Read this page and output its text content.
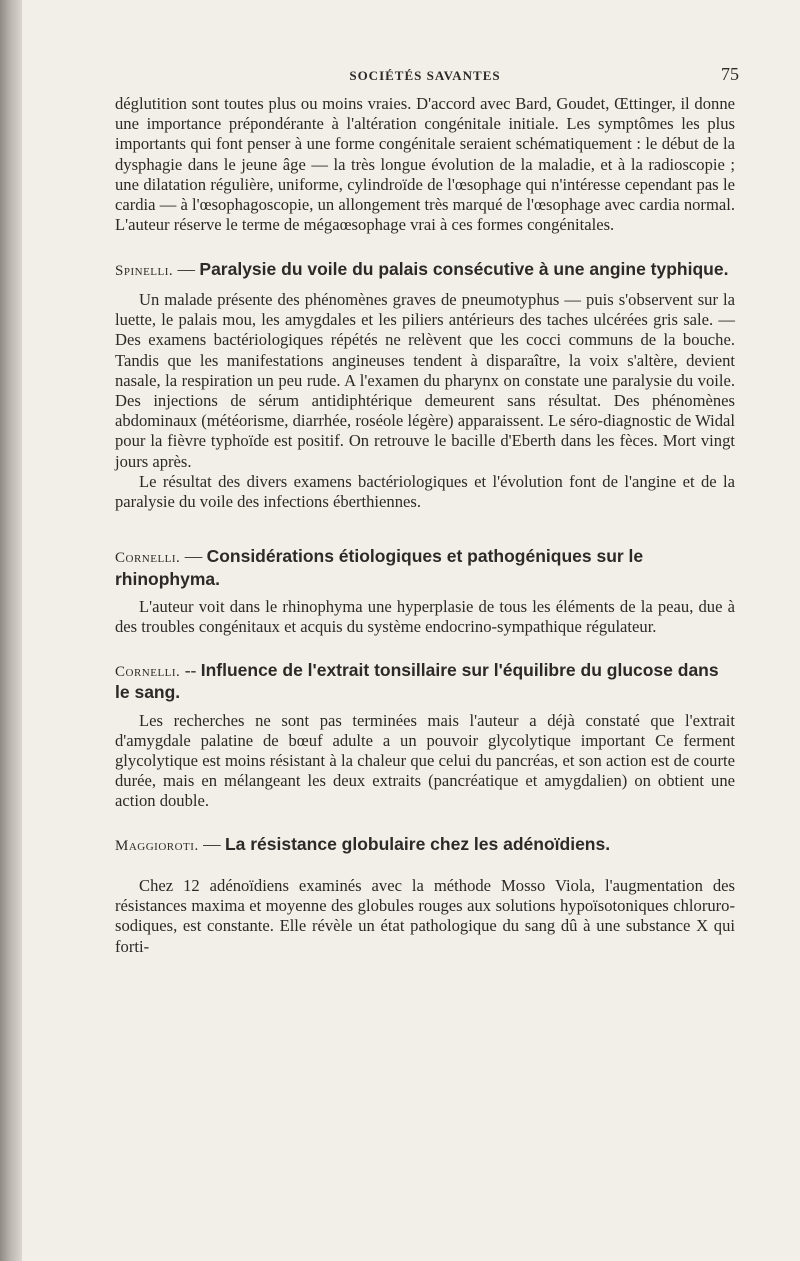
SOCIÉTÉS SAVANTES	75

déglutition sont toutes plus ou moins vraies. D'accord avec Bard, Goudet, Œttinger, il donne une importance prépondérante à l'altération congénitale initiale. Les symptômes les plus importants qui font penser à une forme congénitale seraient schématiquement : le début de la dysphagie dans le jeune âge — la très longue évolution de la maladie, et à la radioscopie ; une dilatation régulière, uniforme, cylindroïde de l'œsophage qui n'intéresse cependant pas le cardia — à l'œsophagoscopie, un allongement très marqué de l'œsophage avec cardia normal. L'auteur réserve le terme de mégaœsophage vrai à ces formes congénitales.

Spinelli. — Paralysie du voile du palais consécutive à une angine typhique.

Un malade présente des phénomènes graves de pneumotyphus — puis s'observent sur la luette, le palais mou, les amygdales et les piliers antérieurs des taches ulcérées gris sale. — Des examens bactériologiques répétés ne relèvent que les cocci communs de la bouche. Tandis que les manifestations angineuses tendent à disparaître, la voix s'altère, devient nasale, la respiration un peu rude. A l'examen du pharynx on constate une paralysie du voile. Des injections de sérum antidiphtérique demeurent sans résultat. Des phénomènes abdominaux (météorisme, diarrhée, roséole légère) apparaissent. Le séro-diagnostic de Widal pour la fièvre typhoïde est positif. On retrouve le bacille d'Eberth dans les fèces. Mort vingt jours après.

Le résultat des divers examens bactériologiques et l'évolution font de l'angine et de la paralysie du voile des infections éberthiennes.

Cornelli. — Considérations étiologiques et pathogéniques sur le rhinophyma.

L'auteur voit dans le rhinophyma une hyperplasie de tous les éléments de la peau, due à des troubles congénitaux et acquis du système endocrino-sympathique régulateur.

Cornelli. -- Influence de l'extrait tonsillaire sur l'équilibre du glucose dans le sang.

Les recherches ne sont pas terminées mais l'auteur a déjà constaté que l'extrait d'amygdale palatine de bœuf adulte a un pouvoir glycolytique important Ce ferment glycolytique est moins résistant à la chaleur que celui du pancréas, et son action est de courte durée, mais en mélangeant les deux extraits (pancréatique et amygdalien) on obtient une action double.

Maggioroti. — La résistance globulaire chez les adénoïdiens.

Chez 12 adénoïdiens examinés avec la méthode Mosso Viola, l'augmentation des résistances maxima et moyenne des globules rouges aux solutions hypoïsotoniques chloruro-sodiques, est constante. Elle révèle un état pathologique du sang dû à une substance X qui forti-
